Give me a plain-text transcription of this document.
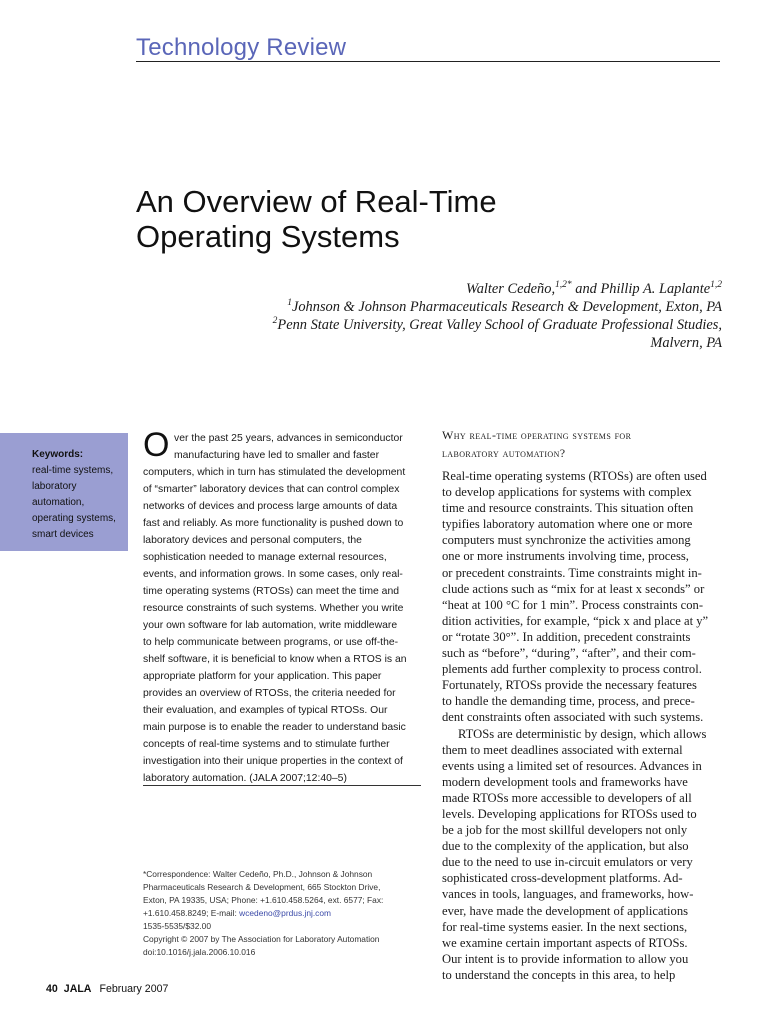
Technology Review
An Overview of Real-Time
Operating Systems
Walter Cedeño,$^{1,2*}$ and Phillip A. Laplante$^{1,2}$
$^1$Johnson & Johnson Pharmaceuticals Research & Development, Exton, PA
$^2$Penn State University, Great Valley School of Graduate Professional Studies,
Malvern, PA
Keywords:
real-time systems,
laboratory
automation,
operating systems,
smart devices
O ver the past 25 years, advances in semiconductor
manufacturing have led to smaller and faster
computers, which in turn has stimulated the development
of “smarter” laboratory devices that can control complex
networks of devices and process large amounts of data
fast and reliably. As more functionality is pushed down to
laboratory devices and personal computers, the
sophistication needed to manage external resources,
events, and information grows. In some cases, only real-
time operating systems (RTOSs) can meet the time and
resource constraints of such systems. Whether you write
your own software for lab automation, write middleware
to help communicate between programs, or use off-the-
shelf software, it is beneficial to know when a RTOS is an
appropriate platform for your application. This paper
provides an overview of RTOSs, the criteria needed for
their evaluation, and examples of typical RTOSs. Our
main purpose is to enable the reader to understand basic
concepts of real-time systems and to stimulate further
investigation into their unique properties in the context of
laboratory automation. (JALA 2007;12:40–5)
*Correspondence: Walter Cedeño, Ph.D., Johnson & Johnson
Pharmaceuticals Research & Development, 665 Stockton Drive,
Exton, PA 19335, USA; Phone: +1.610.458.5264, ext. 6577; Fax:
+1.610.458.8249; E-mail: wcedeno@prdus.jnj.com
1535-5535/$32.00
Copyright © 2007 by The Association for Laboratory Automation
doi:10.1016/j.jala.2006.10.016
Why real-time operating systems for
laboratory automation?
Real-time operating systems (RTOSs) are often used
to develop applications for systems with complex
time and resource constraints. This situation often
typifies laboratory automation where one or more
computers must synchronize the activities among
one or more instruments involving time, process,
or precedent constraints. Time constraints might in-
clude actions such as “mix for at least x seconds” or
“heat at 100 °C for 1 min”. Process constraints con-
dition activities, for example, “pick x and place at y”
or “rotate 30°”. In addition, precedent constraints
such as “before”, “during”, “after”, and their com-
plements add further complexity to process control.
Fortunately, RTOSs provide the necessary features
to handle the demanding time, process, and prece-
dent constraints often associated with such systems.
RTOSs are deterministic by design, which allows
them to meet deadlines associated with external
events using a limited set of resources. Advances in
modern development tools and frameworks have
made RTOSs more accessible to developers of all
levels. Developing applications for RTOSs used to
be a job for the most skillful developers not only
due to the complexity of the application, but also
due to the need to use in-circuit emulators or very
sophisticated cross-development platforms. Ad-
vances in tools, languages, and frameworks, how-
ever, have made the development of applications
for real-time systems easier. In the next sections,
we examine certain important aspects of RTOSs.
Our intent is to provide information to allow you
to understand the concepts in this area, to help
40 JALA February 2007
